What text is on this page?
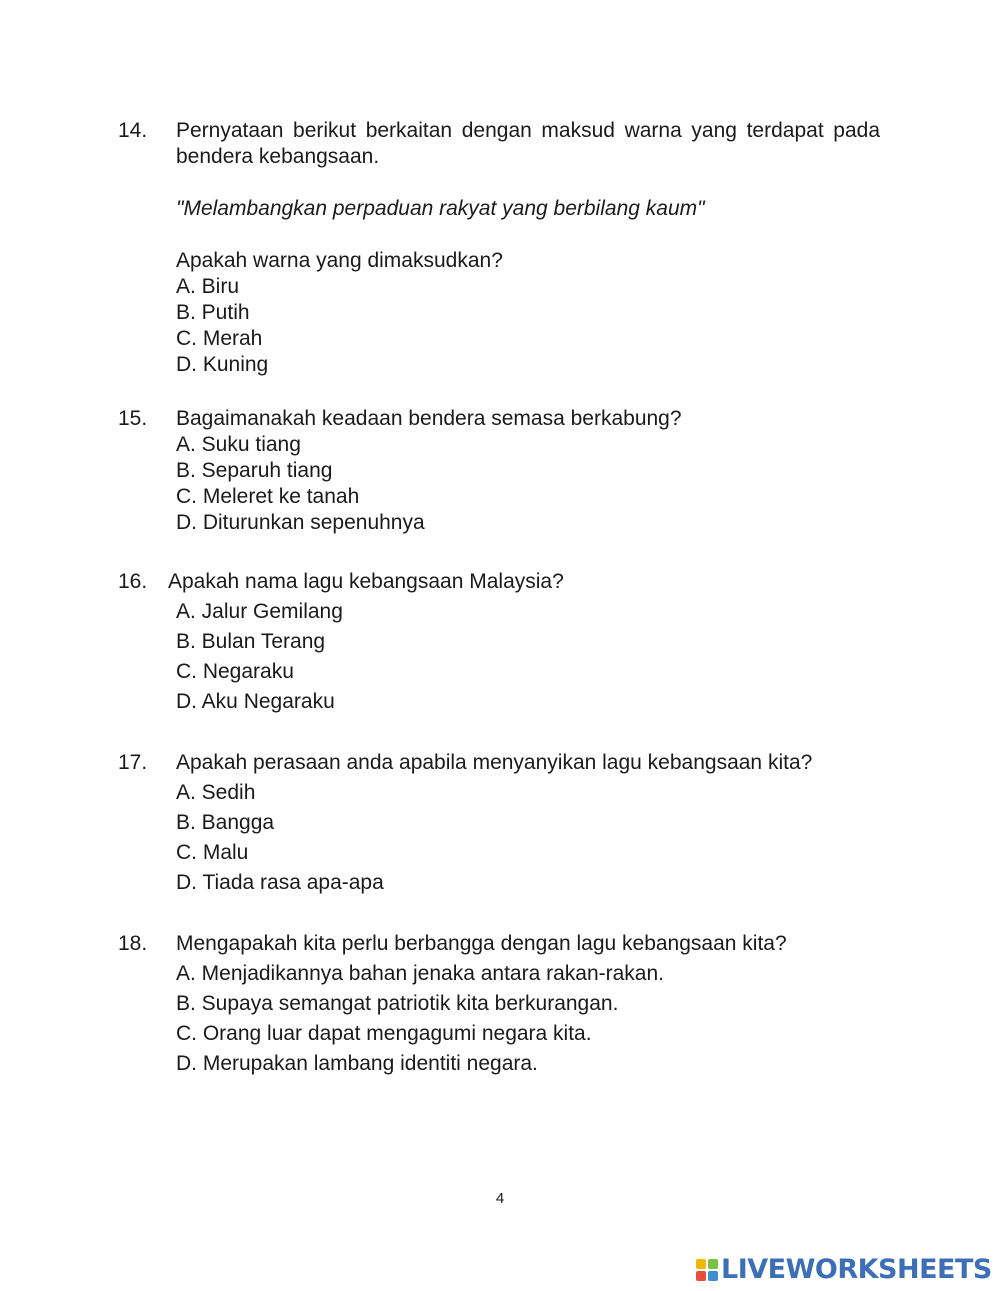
14. Pernyataan berikut berkaitan dengan maksud warna yang terdapat pada bendera kebangsaan.
"Melambangkan perpaduan rakyat yang berbilang kaum"
Apakah warna yang dimaksudkan?
A. Biru
B. Putih
C. Merah
D. Kuning
15. Bagaimanakah keadaan bendera semasa berkabung?
A. Suku tiang
B. Separuh tiang
C. Meleret ke tanah
D. Diturunkan sepenuhnya
16. Apakah nama lagu kebangsaan Malaysia?
A. Jalur Gemilang
B. Bulan Terang
C. Negaraku
D. Aku Negaraku
17. Apakah perasaan anda apabila menyanyikan lagu kebangsaan kita?
A. Sedih
B. Bangga
C. Malu
D. Tiada rasa apa-apa
18. Mengapakah kita perlu berbangga dengan lagu kebangsaan kita?
A. Menjadikannya bahan jenaka antara rakan-rakan.
B. Supaya semangat patriotik kita berkurangan.
C. Orang luar dapat mengagumi negara kita.
D. Merupakan lambang identiti negara.
4
LIVEWORKSHEETS
